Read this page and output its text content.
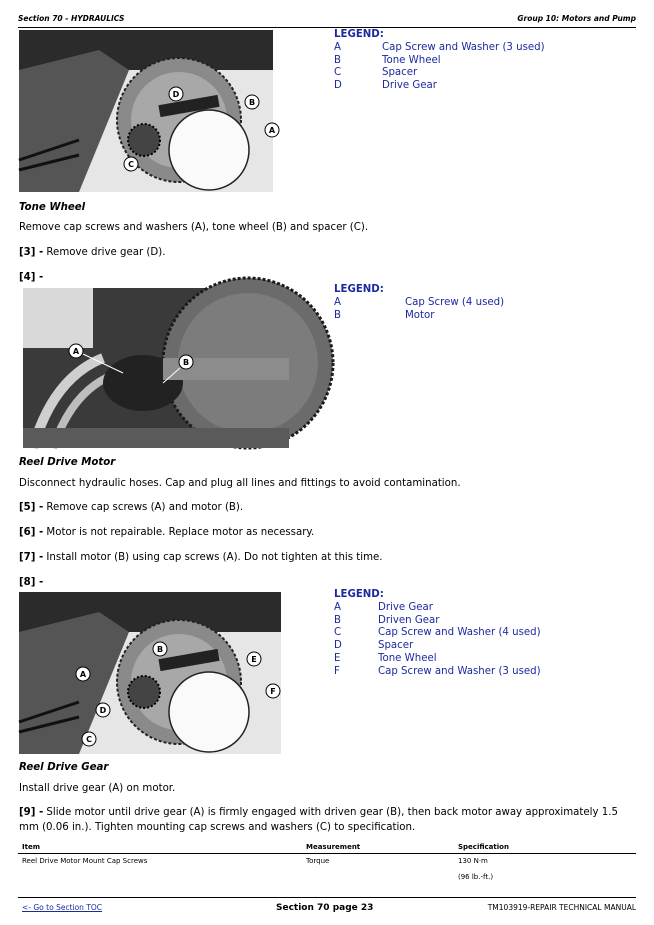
Section 70 - HYDRAULICS	Group 10: Motors and Pump
A
B
C
D
LEGEND:
A	Cap Screw and Washer (3 used)
B	Tone Wheel
C	Spacer
D	Drive Gear
Tone Wheel
Remove cap screws and washers (A), tone wheel (B) and spacer (C).
[3] - Remove drive gear (D).
[4] -
A
B
LEGEND:
A	Cap Screw (4 used)
B	Motor
Reel Drive Motor
Disconnect hydraulic hoses. Cap and plug all lines and fittings to avoid contamination.
[5] - Remove cap screws (A) and motor (B).
[6] - Motor is not repairable. Replace motor as necessary.
[7] - Install motor (B) using cap screws (A). Do not tighten at this time.
[8] -
A
B
C
D
E
F
LEGEND:
A	Drive Gear
B	Driven Gear
C	Cap Screw and Washer (4 used)
D	Spacer
E	Tone Wheel
F	Cap Screw and Washer (3 used)
Reel Drive Gear
Install drive gear (A) on motor.
[9] - Slide motor until drive gear (A) is firmly engaged with driven gear (B), then back motor away approximately 1.5 mm (0.06 in.). Tighten mounting cap screws and washers (C) to specification.
Item	Measurement	Specification
Reel Drive Motor Mount Cap Screws	Torque	130 N·m
(96 lb.-ft.)
<- Go to Section TOC	Section 70 page 23	TM103919-REPAIR TECHNICAL MANUAL
